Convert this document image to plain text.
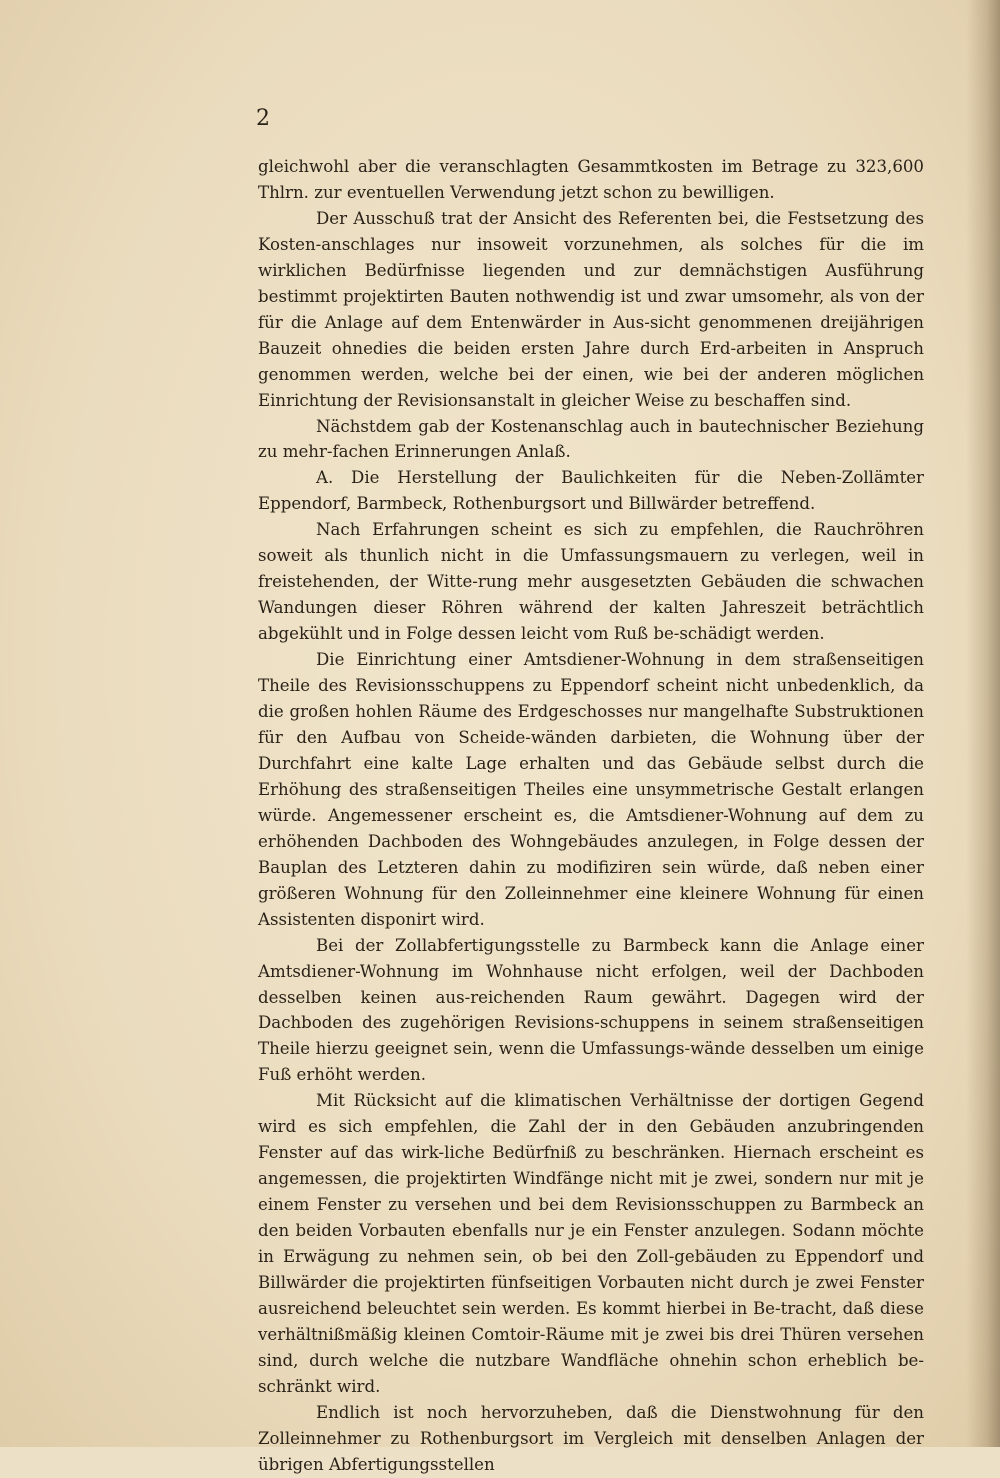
2

gleichwohl aber die veranschlagten Gesammtkosten im Betrage zu 323,600 Thlrn. zur eventuellen Verwendung jetzt schon zu bewilligen.

Der Ausschuß trat der Ansicht des Referenten bei, die Festsetzung des Kosten-anschlages nur insoweit vorzunehmen, als solches für die im wirklichen Bedürfnisse liegenden und zur demnächstigen Ausführung bestimmt projektirten Bauten nothwendig ist und zwar umsomehr, als von der für die Anlage auf dem Entenwärder in Aus-sicht genommenen dreijährigen Bauzeit ohnedies die beiden ersten Jahre durch Erd-arbeiten in Anspruch genommen werden, welche bei der einen, wie bei der anderen möglichen Einrichtung der Revisionsanstalt in gleicher Weise zu beschaffen sind.

Nächstdem gab der Kostenanschlag auch in bautechnischer Beziehung zu mehr-fachen Erinnerungen Anlaß.

A. Die Herstellung der Baulichkeiten für die Neben-Zollämter Eppendorf, Barmbeck, Rothenburgsort und Billwärder betreffend.

Nach Erfahrungen scheint es sich zu empfehlen, die Rauchröhren soweit als thunlich nicht in die Umfassungsmauern zu verlegen, weil in freistehenden, der Witte-rung mehr ausgesetzten Gebäuden die schwachen Wandungen dieser Röhren während der kalten Jahreszeit beträchtlich abgekühlt und in Folge dessen leicht vom Ruß be-schädigt werden.

Die Einrichtung einer Amtsdiener-Wohnung in dem straßenseitigen Theile des Revisionsschuppens zu Eppendorf scheint nicht unbedenklich, da die großen hohlen Räume des Erdgeschosses nur mangelhafte Substruktionen für den Aufbau von Scheide-wänden darbieten, die Wohnung über der Durchfahrt eine kalte Lage erhalten und das Gebäude selbst durch die Erhöhung des straßenseitigen Theiles eine unsymmetrische Gestalt erlangen würde. Angemessener erscheint es, die Amtsdiener-Wohnung auf dem zu erhöhenden Dachboden des Wohngebäudes anzulegen, in Folge dessen der Bauplan des Letzteren dahin zu modifiziren sein würde, daß neben einer größeren Wohnung für den Zolleinnehmer eine kleinere Wohnung für einen Assistenten disponirt wird.

Bei der Zollabfertigungsstelle zu Barmbeck kann die Anlage einer Amtsdiener-Wohnung im Wohnhause nicht erfolgen, weil der Dachboden desselben keinen aus-reichenden Raum gewährt. Dagegen wird der Dachboden des zugehörigen Revisions-schuppens in seinem straßenseitigen Theile hierzu geeignet sein, wenn die Umfassungs-wände desselben um einige Fuß erhöht werden.

Mit Rücksicht auf die klimatischen Verhältnisse der dortigen Gegend wird es sich empfehlen, die Zahl der in den Gebäuden anzubringenden Fenster auf das wirk-liche Bedürfniß zu beschränken. Hiernach erscheint es angemessen, die projektirten Windfänge nicht mit je zwei, sondern nur mit je einem Fenster zu versehen und bei dem Revisionsschuppen zu Barmbeck an den beiden Vorbauten ebenfalls nur je ein Fenster anzulegen. Sodann möchte in Erwägung zu nehmen sein, ob bei den Zoll-gebäuden zu Eppendorf und Billwärder die projektirten fünfseitigen Vorbauten nicht durch je zwei Fenster ausreichend beleuchtet sein werden. Es kommt hierbei in Be-tracht, daß diese verhältnißmäßig kleinen Comtoir-Räume mit je zwei bis drei Thüren versehen sind, durch welche die nutzbare Wandfläche ohnehin schon erheblich be-schränkt wird.

Endlich ist noch hervorzuheben, daß die Dienstwohnung für den Zolleinnehmer zu Rothenburgsort im Vergleich mit denselben Anlagen der übrigen Abfertigungsstellen
